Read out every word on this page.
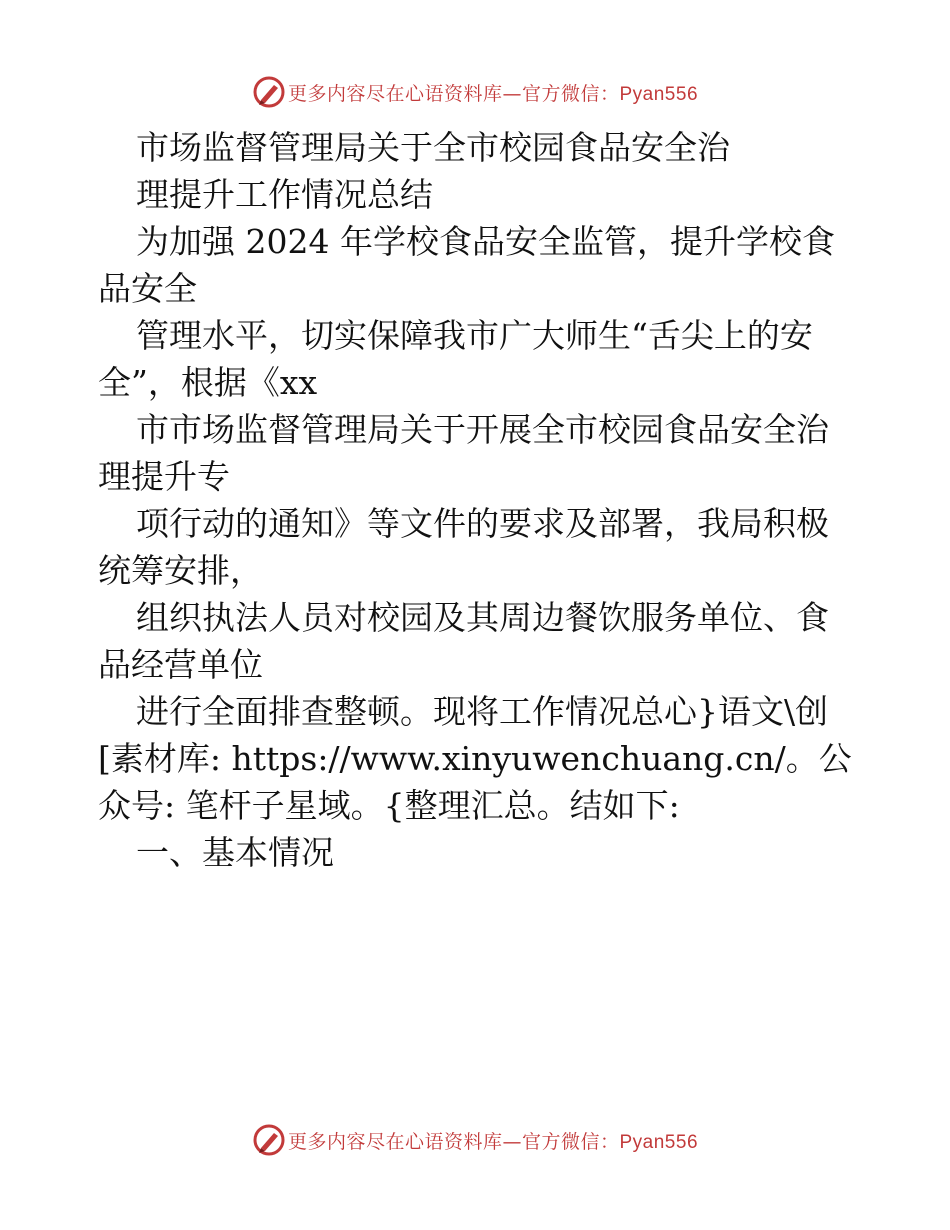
更多内容尽在心语资料库—官方微信：Pyan556

市场监督管理局关于全市校园食品安全治

理提升工作情况总结

为加强 2024 年学校食品安全监管，提升学校食

品安全

管理水平，切实保障我市广大师生“舌尖上的安

全”，根据《xx

市市场监督管理局关于开展全市校园食品安全治

理提升专

项行动的通知》等文件的要求及部署，我局积极

统筹安排，

组织执法人员对校园及其周边餐饮服务单位、食

品经营单位

进行全面排查整顿。现将工作情况总心}语文\创

[素材库: https://www.xinyuwenchuang.cn/。公

众号: 笔杆子星域。{整理汇总。结如下:

一、基本情况

更多内容尽在心语资料库—官方微信：Pyan556
